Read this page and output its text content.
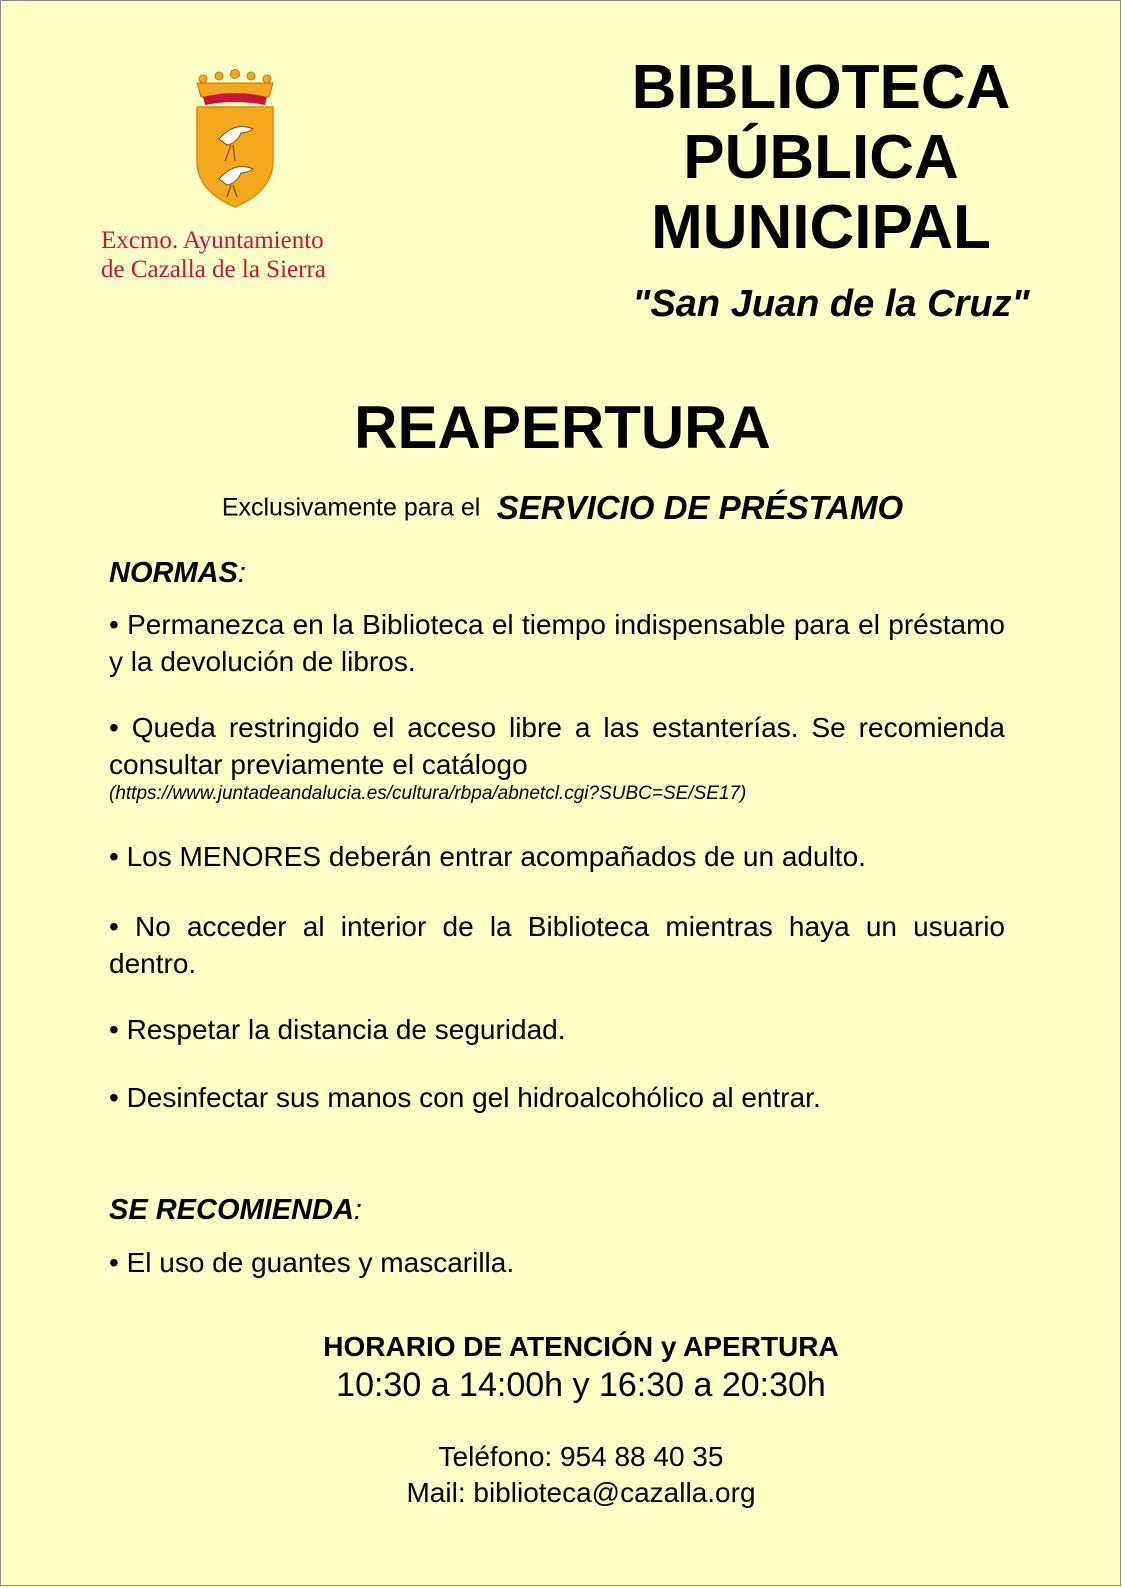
Excmo. Ayuntamiento
de Cazalla de la Sierra
BIBLIOTECA
PÚBLICA
MUNICIPAL
"San Juan de la Cruz"
REAPERTURA
Exclusivamente para el SERVICIO DE PRÉSTAMO
NORMAS:
• Permanezca en la Biblioteca el tiempo indispensable para el préstamo y la devolución de libros.
• Queda restringido el acceso libre a las estanterías. Se recomienda consultar previamente el catálogo
(https://www.juntadeandalucia.es/cultura/rbpa/abnetcl.cgi?SUBC=SE/SE17)
• Los MENORES deberán entrar acompañados de un adulto.
• No acceder al interior de la Biblioteca mientras haya un usuario dentro.
• Respetar la distancia de seguridad.
• Desinfectar sus manos con gel hidroalcohólico al entrar.
SE RECOMIENDA:
• El uso de guantes y mascarilla.
HORARIO DE ATENCIÓN y APERTURA
10:30 a 14:00h y 16:30 a 20:30h
Teléfono: 954 88 40 35
Mail: biblioteca@cazalla.org
